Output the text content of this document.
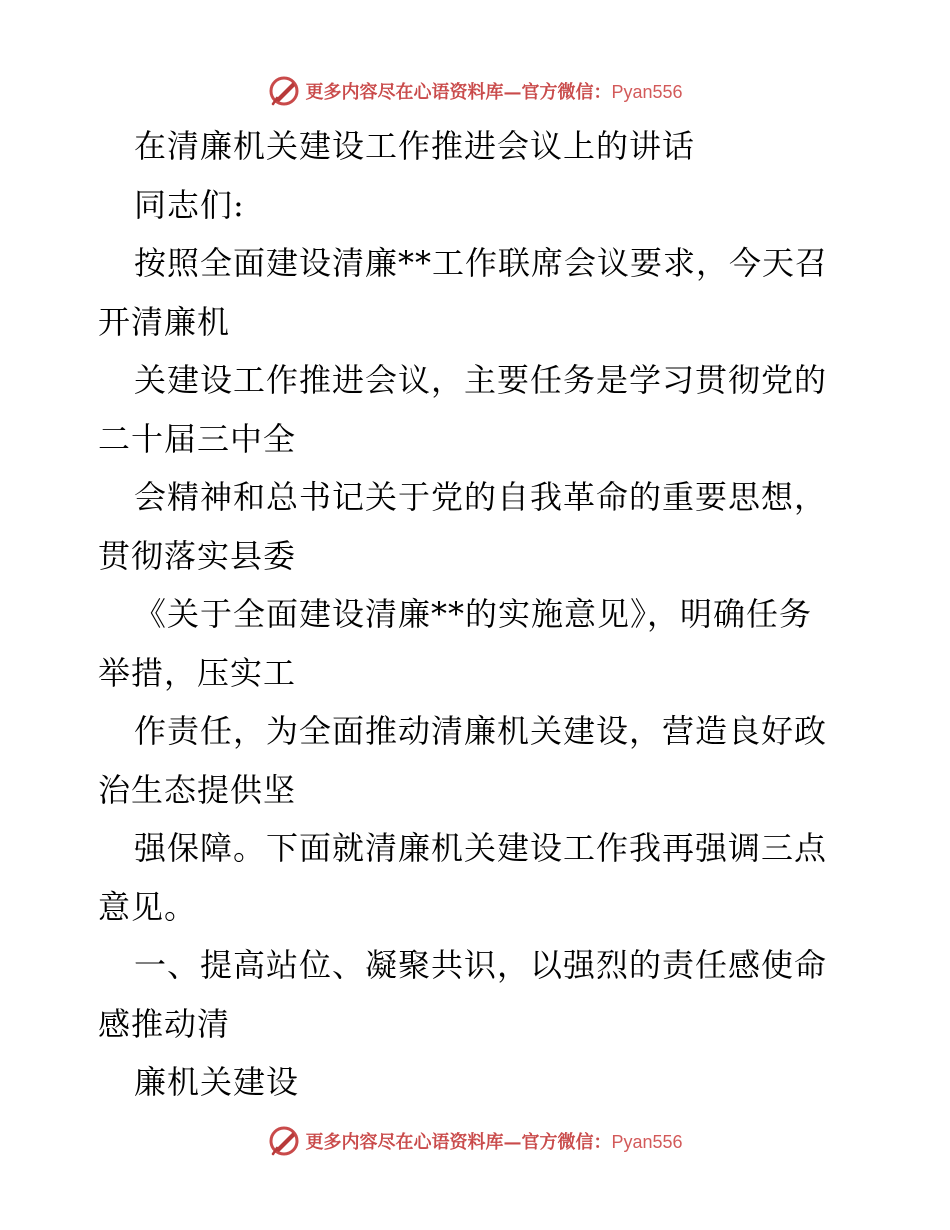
更多内容尽在心语资料库—官方微信：Pyan556
在清廉机关建设工作推进会议上的讲话
同志们:
按照全面建设清廉**工作联席会议要求，今天召
开清廉机
关建设工作推进会议，主要任务是学习贯彻党的
二十届三中全
会精神和总书记关于党的自我革命的重要思想，
贯彻落实县委
《关于全面建设清廉**的实施意见》，明确任务
举措，压实工
作责任，为全面推动清廉机关建设，营造良好政
治生态提供坚
强保障。下面就清廉机关建设工作我再强调三点
意见。
一、提高站位、凝聚共识，以强烈的责任感使命
感推动清
廉机关建设
更多内容尽在心语资料库—官方微信：Pyan556
